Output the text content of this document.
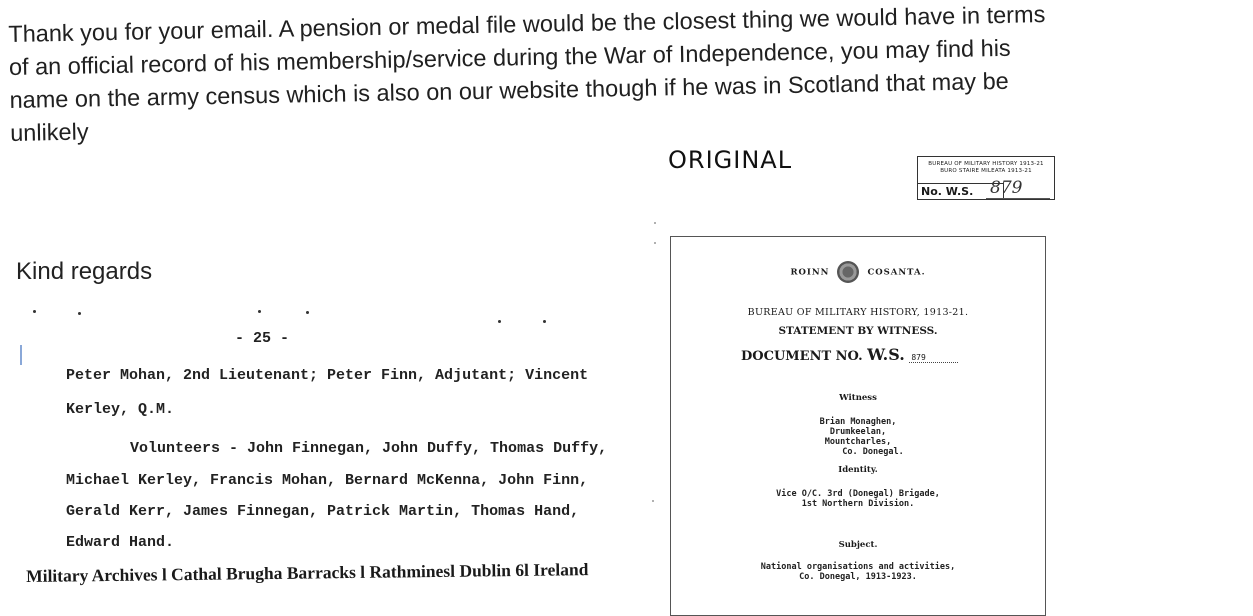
Thank you for your email. A pension or medal file would be the closest thing we would have in terms
of an official record of his membership/service during the War of Independence, you may find his
name on the army census which is also on our website though if he was in Scotland that may be
unlikely
ORIGINAL	BUREAU OF MILITARY HISTORY 1913-21
BURO STAIRE MILEATA 1913-21
No. W.S. 879
Kind regards
- 25 -
Peter Mohan, 2nd Lieutenant; Peter Finn, Adjutant; Vincent
Kerley, Q.M.
Volunteers - John Finnegan, John Duffy, Thomas Duffy,
Michael Kerley, Francis Mohan, Bernard McKenna, John Finn,
Gerald Kerr, James Finnegan, Patrick Martin, Thomas Hand,
Edward Hand.
Military Archives l Cathal Brugha Barracks l Rathminesl Dublin 6l Ireland
ROINN	COSANTA.
BUREAU OF MILITARY HISTORY, 1913-21.
STATEMENT BY WITNESS.
DOCUMENT NO. W.S. 879
Witness
Brian Monaghen,
Drumkeelan,
Mountcharles,
Co. Donegal.
Identity.
Vice O/C. 3rd (Donegal) Brigade,
1st Northern Division.
Subject.
National organisations and activities,
Co. Donegal, 1913-1923.
